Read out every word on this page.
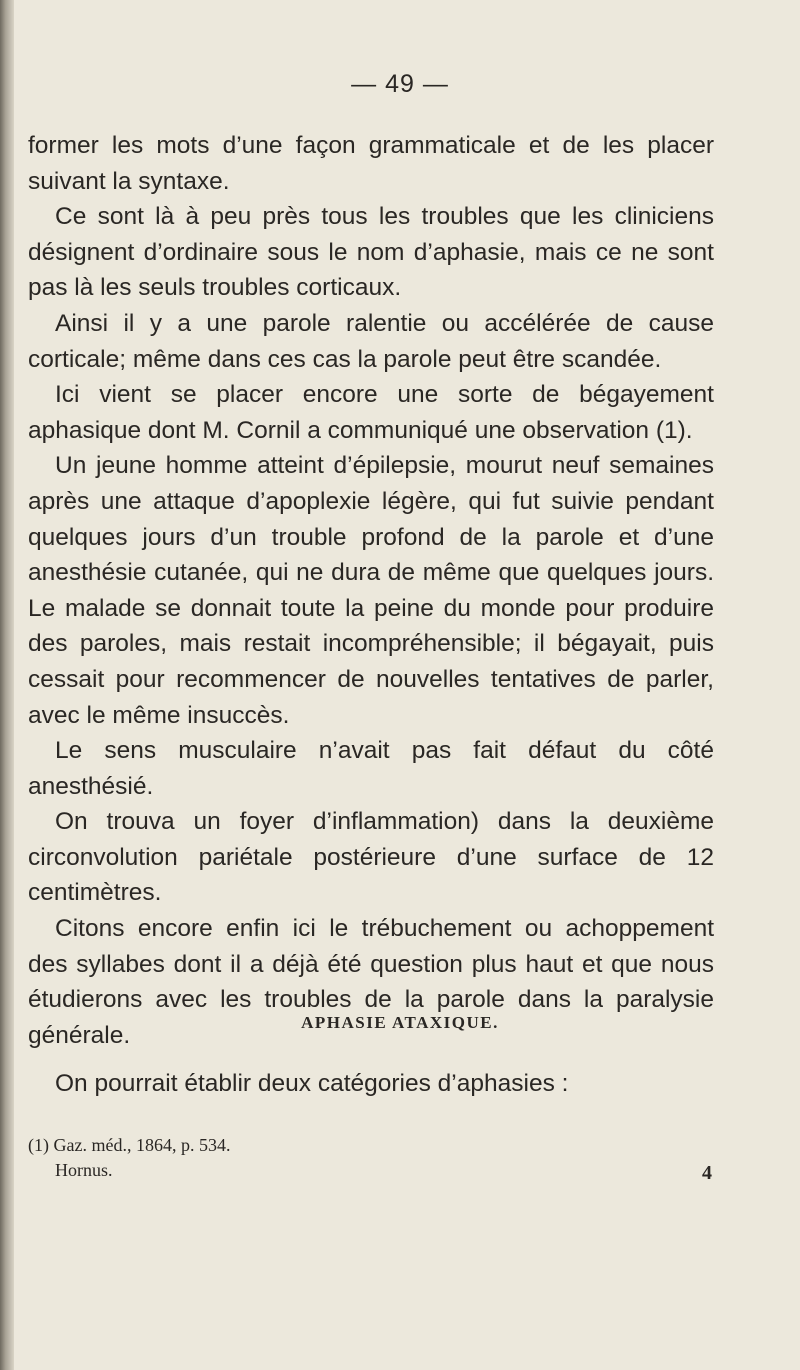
— 49 —

former les mots d’une façon grammaticale et de les placer suivant la syntaxe.

Ce sont là à peu près tous les troubles que les cliniciens désignent d’ordinaire sous le nom d’aphasie, mais ce ne sont pas là les seuls troubles corticaux.

Ainsi il y a une parole ralentie ou accélérée de cause corticale; même dans ces cas la parole peut être scandée.

Ici vient se placer encore une sorte de bégayement aphasique dont M. Cornil a communiqué une observation (1).

Un jeune homme atteint d’épilepsie, mourut neuf semaines après une attaque d’apoplexie légère, qui fut suivie pendant quelques jours d’un trouble profond de la parole et d’une anesthésie cutanée, qui ne dura de même que quelques jours. Le malade se donnait toute la peine du monde pour produire des paroles, mais restait incompréhensible; il bégayait, puis cessait pour recommencer de nouvelles tentatives de parler, avec le même insuccès.

Le sens musculaire n’avait pas fait défaut du côté anesthésié.

On trouva un foyer d’inflammation) dans la deuxième circonvolution pariétale postérieure d’une surface de 12 centimètres.

Citons encore enfin ici le trébuchement ou achoppement des syllabes dont il a déjà été question plus haut et que nous étudierons avec les troubles de la parole dans la paralysie générale.	APHASIE ATAXIQUE.
On pourrait établir deux catégories d’aphasies :
(1) Gaz. méd., 1864, p. 534.
Hornus.	4
